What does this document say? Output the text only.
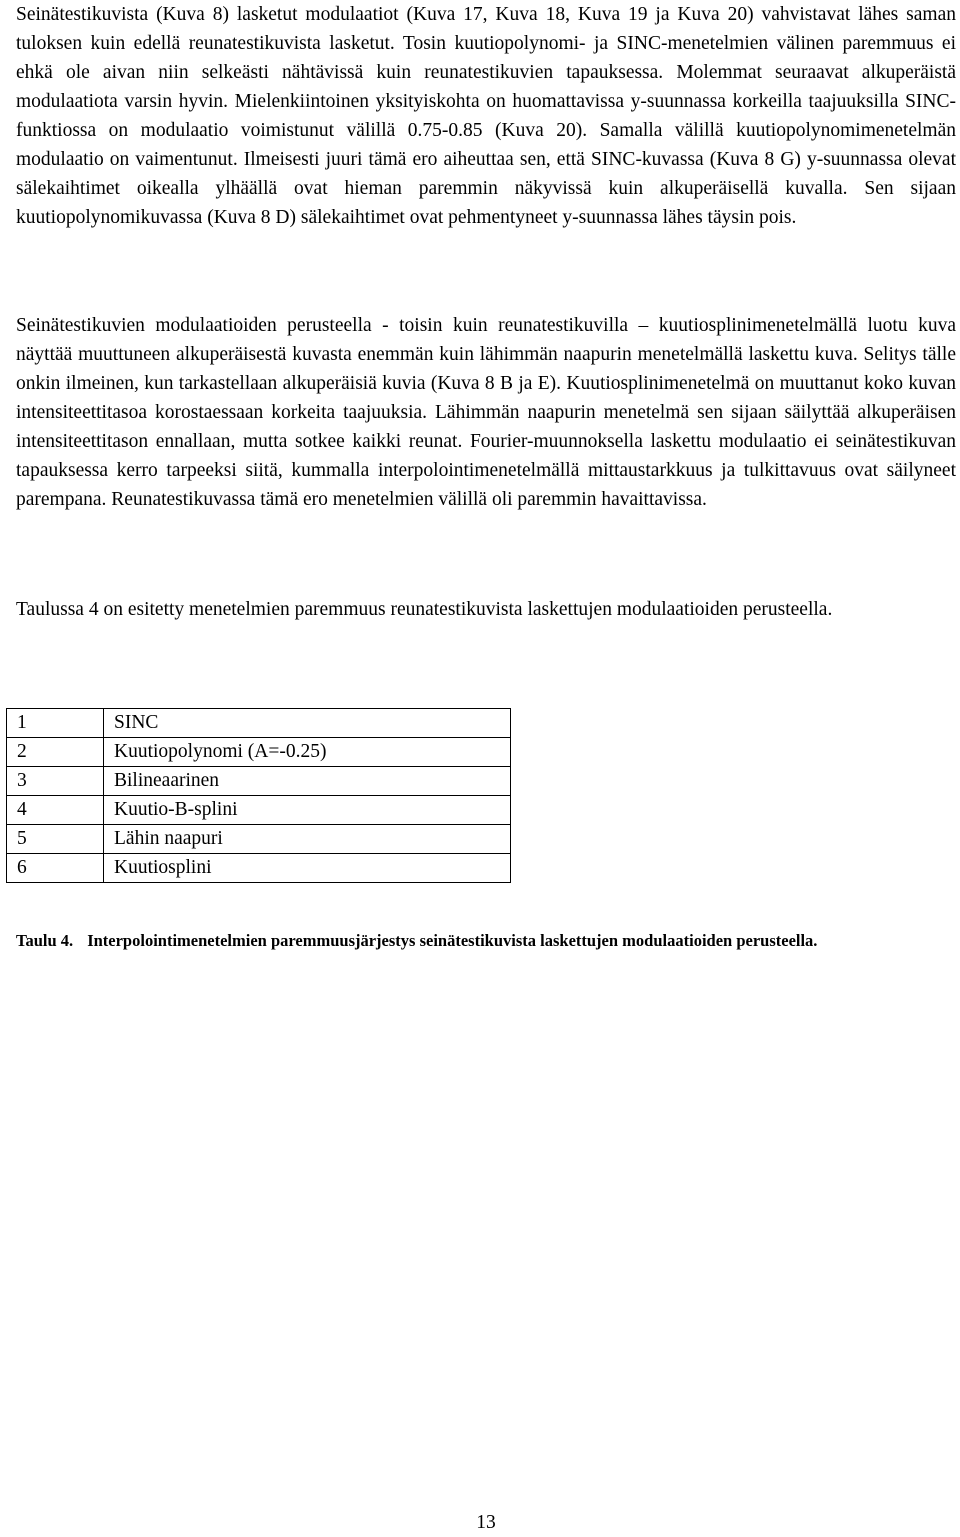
Seinätestikuvista (Kuva 8) lasketut modulaatiot (Kuva 17, Kuva 18, Kuva 19 ja Kuva 20) vahvistavat lähes saman tuloksen kuin edellä reunatestikuvista lasketut. Tosin kuutiopolynomi- ja SINC-menetelmien välinen paremmuus ei ehkä ole aivan niin selkeästi nähtävissä kuin reunatestikuvien tapauksessa. Molemmat seuraavat alkuperäistä modulaatiota varsin hyvin. Mielenkiintoinen yksityiskohta on huomattavissa y-suunnassa korkeilla taajuuksilla SINC-funktiossa on modulaatio voimistunut välillä 0.75-0.85 (Kuva 20). Samalla välillä kuutiopolynomimenetelmän modulaatio on vaimentunut. Ilmeisesti juuri tämä ero aiheuttaa sen, että SINC-kuvassa (Kuva 8 G) y-suunnassa olevat sälekaihtimet oikealla ylhäällä ovat hieman paremmin näkyvissä kuin alkuperäisellä kuvalla. Sen sijaan kuutiopolynomikuvassa (Kuva 8 D) sälekaihtimet ovat pehmentyneet y-suunnassa lähes täysin pois.

Seinätestikuvien modulaatioiden perusteella - toisin kuin reunatestikuvilla – kuutiosplinimenetelmällä luotu kuva näyttää muuttuneen alkuperäisestä kuvasta enemmän kuin lähimmän naapurin menetelmällä laskettu kuva. Selitys tälle onkin ilmeinen, kun tarkastellaan alkuperäisiä kuvia (Kuva 8 B ja E). Kuutiosplinimenetelmä on muuttanut koko kuvan intensiteettitasoa korostaessaan korkeita taajuuksia. Lähimmän naapurin menetelmä sen sijaan säilyttää alkuperäisen intensiteettitason ennallaan, mutta sotkee kaikki reunat. Fourier-muunnoksella laskettu modulaatio ei seinätestikuvan tapauksessa kerro tarpeeksi siitä, kummalla interpolointimenetelmällä mittaustarkkuus ja tulkittavuus ovat säilyneet parempana. Reunatestikuvassa tämä ero menetelmien välillä oli paremmin havaittavissa.

Taulussa 4 on esitetty menetelmien paremmuus reunatestikuvista laskettujen modulaatioiden perusteella.

1	SINC
2	Kuutiopolynomi (A=-0.25)
3	Bilineaarinen
4	Kuutio-B-splini
5	Lähin naapuri
6	Kuutiosplini

Taulu 4. Interpolointimenetelmien paremmuusjärjestys seinätestikuvista laskettujen modulaatioiden perusteella.

13
